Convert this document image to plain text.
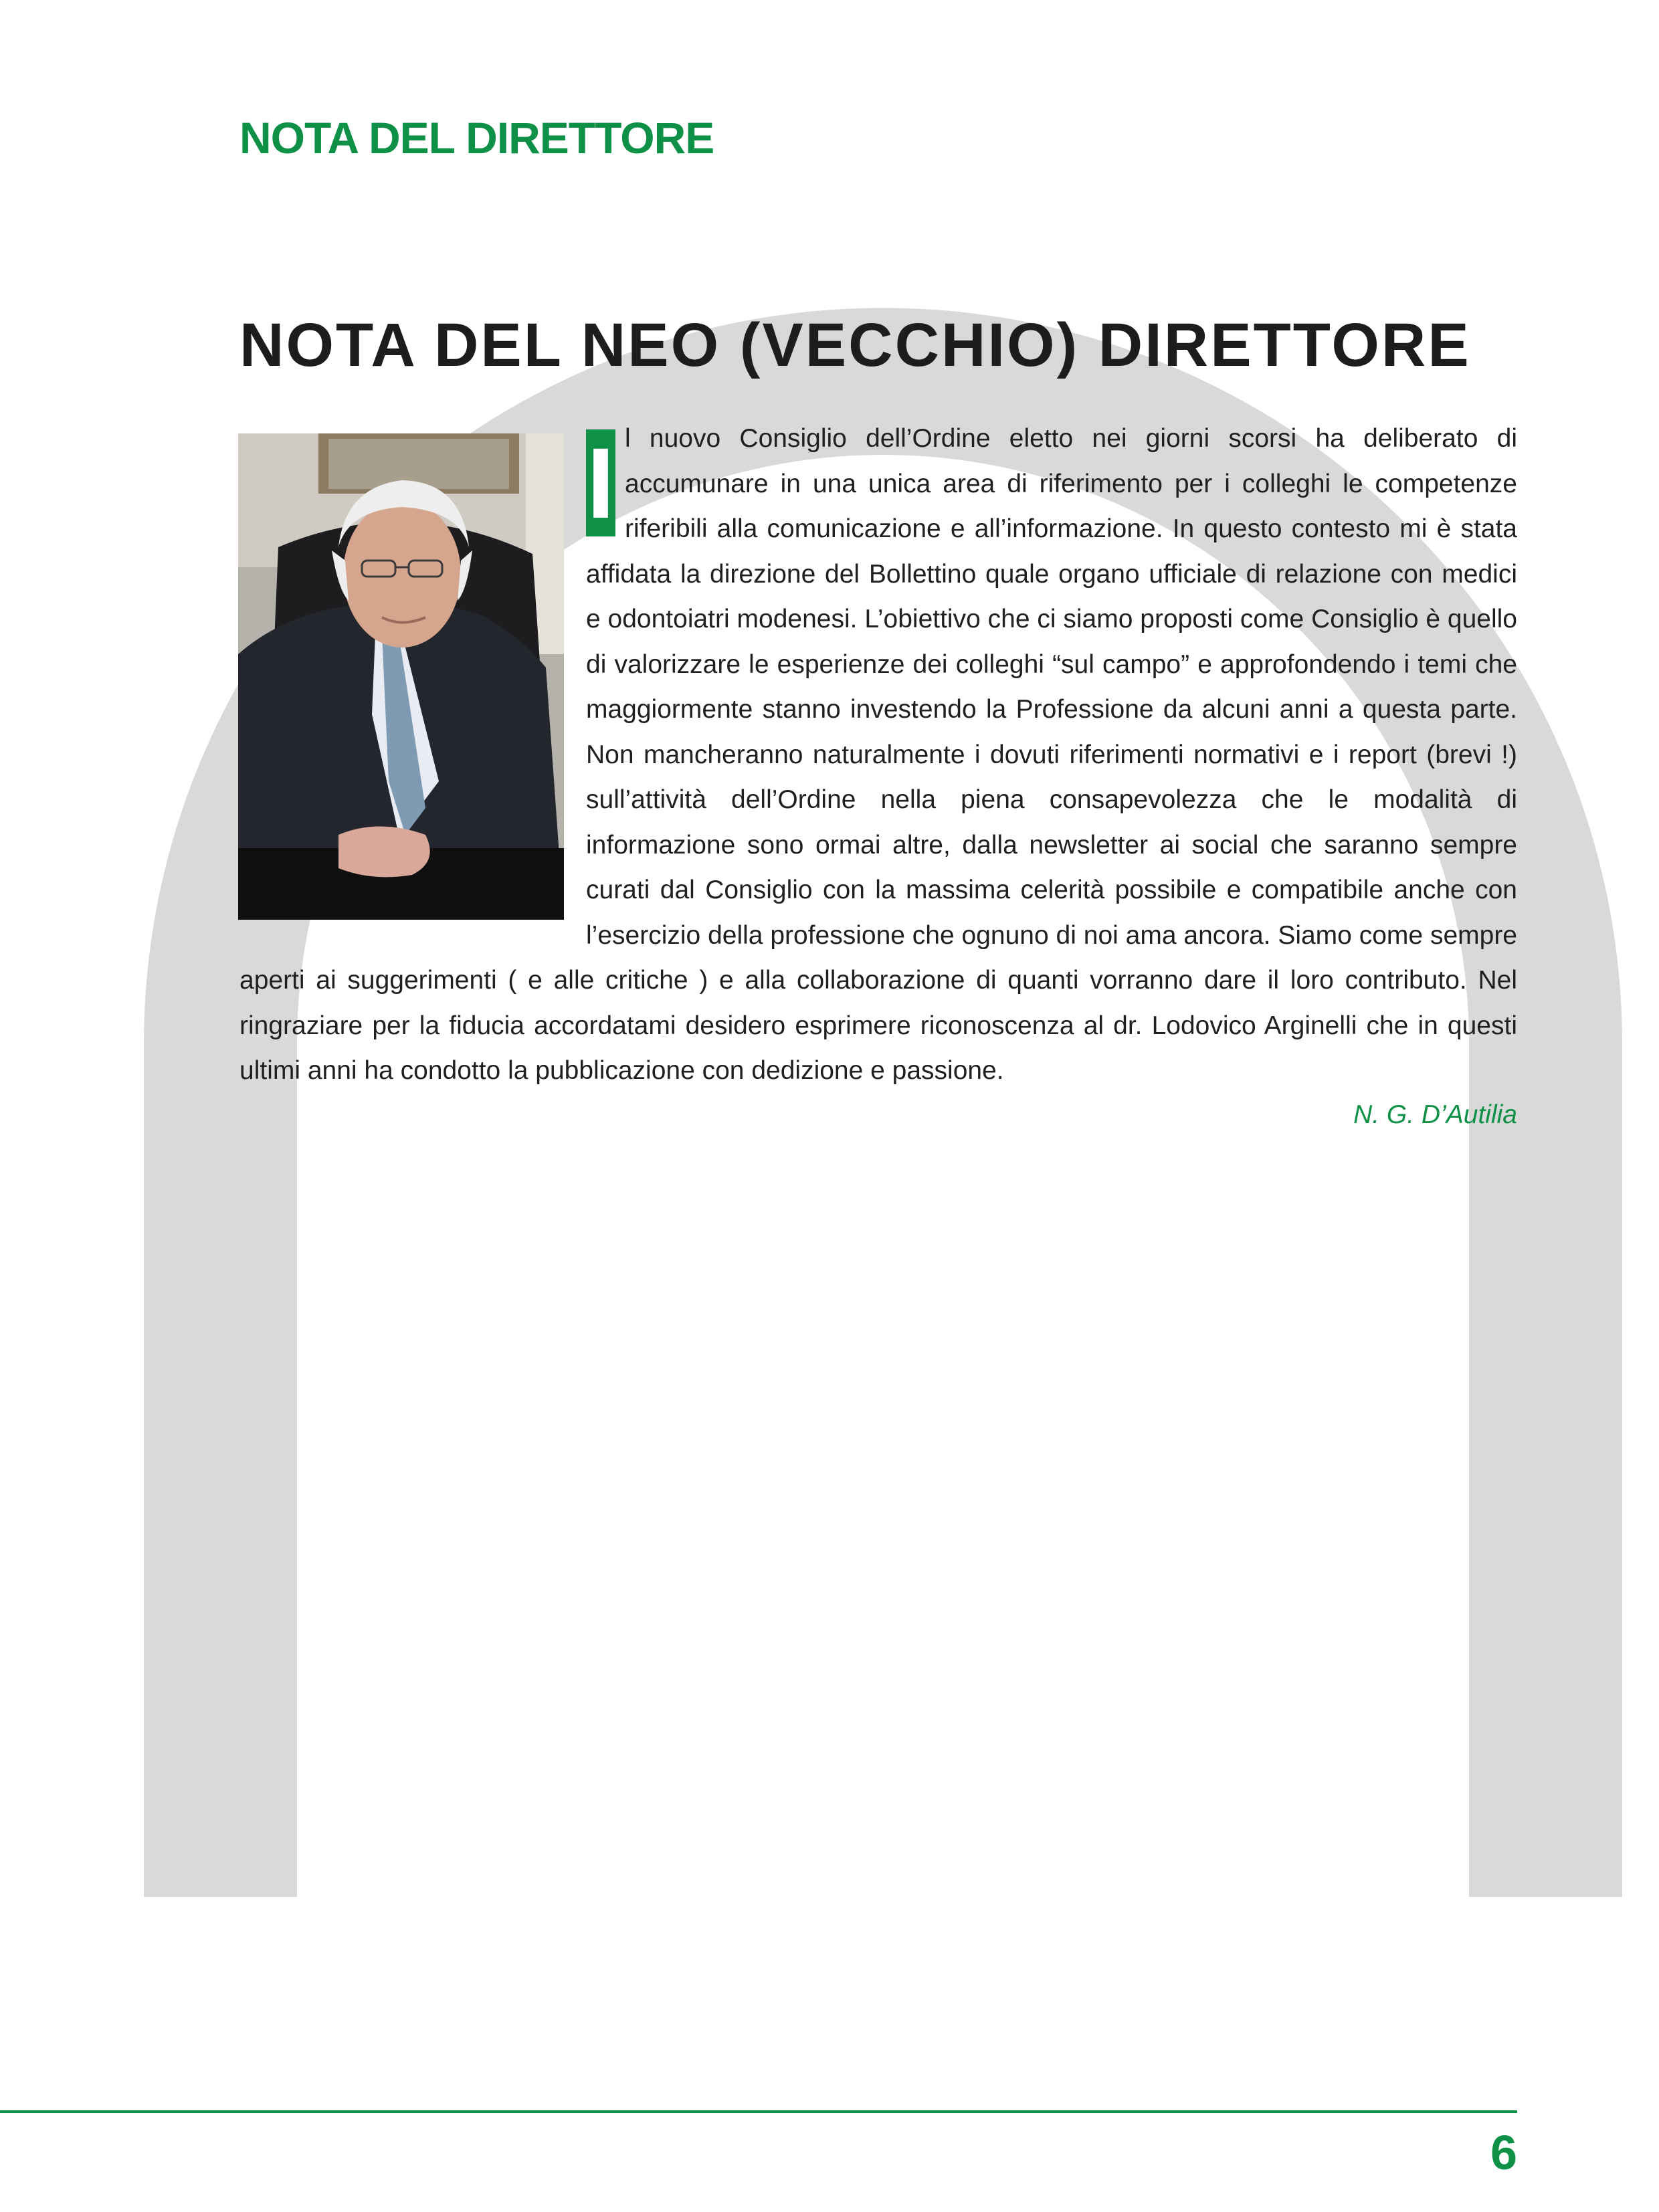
NOTA DEL DIRETTORE
NOTA DEL NEO (VECCHIO) DIRETTORE
I l nuovo Consiglio dell’Ordine eletto nei giorni scorsi ha deliberato di accumunare in una unica area di riferimento per i colleghi le competenze riferibili alla comunicazione e all’informazione. In questo contesto mi è stata affidata la direzione del Bollettino quale organo ufficiale di relazione con medici e odontoiatri modenesi. L’obiettivo che ci siamo proposti come Consiglio è quello di valorizzare le esperienze dei colleghi “sul campo” e approfondendo i temi che maggiormente stanno investendo la Professione da alcuni anni a questa parte. Non mancheranno naturalmente i dovuti riferimenti normativi e i report (brevi !) sull’attività dell’Ordine nella piena consapevolezza che le modalità di informazione sono ormai altre, dalla newsletter ai social che saranno sempre curati dal Consiglio con la massima celerità possibile e compatibile anche con l’esercizio della professione che ognuno di noi ama ancora. Siamo come sempre aperti ai suggerimenti ( e alle critiche ) e alla collaborazione di quanti vorranno dare il loro contributo. Nel ringraziare per la fiducia accordatami desidero esprimere riconoscenza al dr. Lodovico Arginelli che in questi ultimi anni ha condotto la pubblicazione con dedizione e passione.
N. G. D’Autilia
6
